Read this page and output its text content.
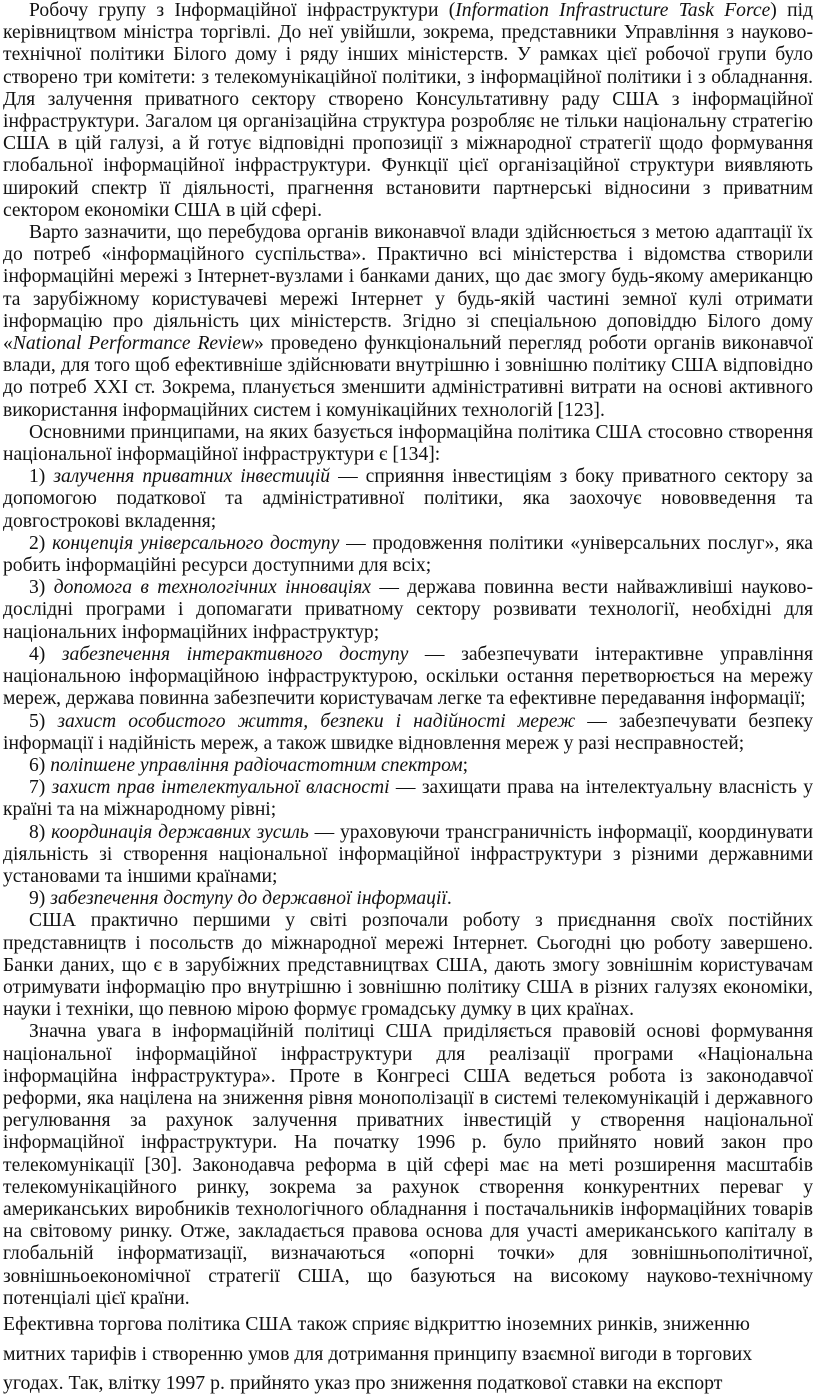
Робочу групу з Інформаційної інфраструктури (Information Infrastructure Task Force) під керівництвом міністра торгівлі. До неї увійшли, зокрема, представники Управління з науково-технічної політики Білого дому і ряду інших міністерств. У рамках цієї робочої групи було створено три комітети: з телекомунікаційної політики, з інформаційної політики і з обладнання. Для залучення приватного сектору створено Консультативну раду США з інформаційної інфраструктури. Загалом ця організаційна структура розробляє не тільки національну стратегію США в цій галузі, а й готує відповідні пропозиції з міжнародної стратегії щодо формування глобальної інформаційної інфраструктури. Функції цієї організаційної структури виявляють широкий спектр її діяльності, прагнення встановити партнерські відносини з приватним сектором економіки США в цій сфері.

Варто зазначити, що перебудова органів виконавчої влади здійснюється з метою адаптації їх до потреб «інформаційного суспільства». Практично всі міністерства і відомства створили інформаційні мережі з Інтернет-вузлами і банками даних, що дає змогу будь-якому американцю та зарубіжному користувачеві мережі Інтернет у будь-якій частині земної кулі отримати інформацію про діяльність цих міністерств. Згідно зі спеціальною доповіддю Білого дому «National Performance Review» проведено функціональний перегляд роботи органів виконавчої влади, для того щоб ефективніше здійснювати внутрішню і зовнішню політику США відповідно до потреб XXI ст. Зокрема, планується зменшити адміністративні витрати на основі активного використання інформаційних систем і комунікаційних технологій [123].

Основними принципами, на яких базується інформаційна політика США стосовно створення національної інформаційної інфраструктури є [134]:

1) залучення приватних інвестицій — сприяння інвестиціям з боку приватного сектору за допомогою податкової та адміністративної політики, яка заохочує нововведення та довгострокові вкладення;

2) концепція універсального доступу — продовження політики «універсальних послуг», яка робить інформаційні ресурси доступними для всіх;

3) допомога в технологічних інноваціях — держава повинна вести найважливіші науково-дослідні програми і допомагати приватному сектору розвивати технології, необхідні для національних інформаційних інфраструктур;

4) забезпечення інтерактивного доступу — забезпечувати інтерактивне управління національною інформаційною інфраструктурою, оскільки остання перетворюється на мережу мереж, держава повинна забезпечити користувачам легке та ефективне передавання інформації;

5) захист особистого життя, безпеки і надійності мереж — забезпечувати безпеку інформації і надійність мереж, а також швидке відновлення мереж у разі несправностей;

6) поліпшене управління радіочастотним спектром;

7) захист прав інтелектуальної власності — захищати права на інтелектуальну власність у країні та на міжнародному рівні;

8) координація державних зусиль — ураховуючи трансграничність інформації, координувати діяльність зі створення національної інформаційної інфраструктури з різними державними установами та іншими країнами;

9) забезпечення доступу до державної інформації.

США практично першими у світі розпочали роботу з приєднання своїх постійних представництв і посольств до міжнародної мережі Інтернет. Сьогодні цю роботу завершено. Банки даних, що є в зарубіжних представництвах США, дають змогу зовнішнім користувачам отримувати інформацію про внутрішню і зовнішню політику США в різних галузях економіки, науки і техніки, що певною мірою формує громадську думку в цих країнах.

Значна увага в інформаційній політиці США приділяється правовій основі формування національної інформаційної інфраструктури для реалізації програми «Національна інформаційна інфраструктура». Проте в Конгресі США ведеться робота із законодавчої реформи, яка націлена на зниження рівня монополізації в системі телекомунікацій і державного регулювання за рахунок залучення приватних інвестицій у створення національної інформаційної інфраструктури. На початку 1996 р. було прийнято новий закон про телекомунікації [30]. Законодавча реформа в цій сфері має на меті розширення масштабів телекомунікаційного ринку, зокрема за рахунок створення конкурентних переваг у американських виробників технологічного обладнання і постачальників інформаційних товарів на світовому ринку. Отже, закладається правова основа для участі американського капіталу в глобальній інформатизації, визначаються «опорні точки» для зовнішньополітичної, зовнішньоекономічної стратегії США, що базуються на високому науково-технічному потенціалі цієї країни.

Ефективна торгова політика США також сприяє відкриттю іноземних ринків, зниженню

митних тарифів і створенню умов для дотримання принципу взаємної вигоди в торгових

угодах. Так, влітку 1997 р. прийнято указ про зниження податкової ставки на експорт
